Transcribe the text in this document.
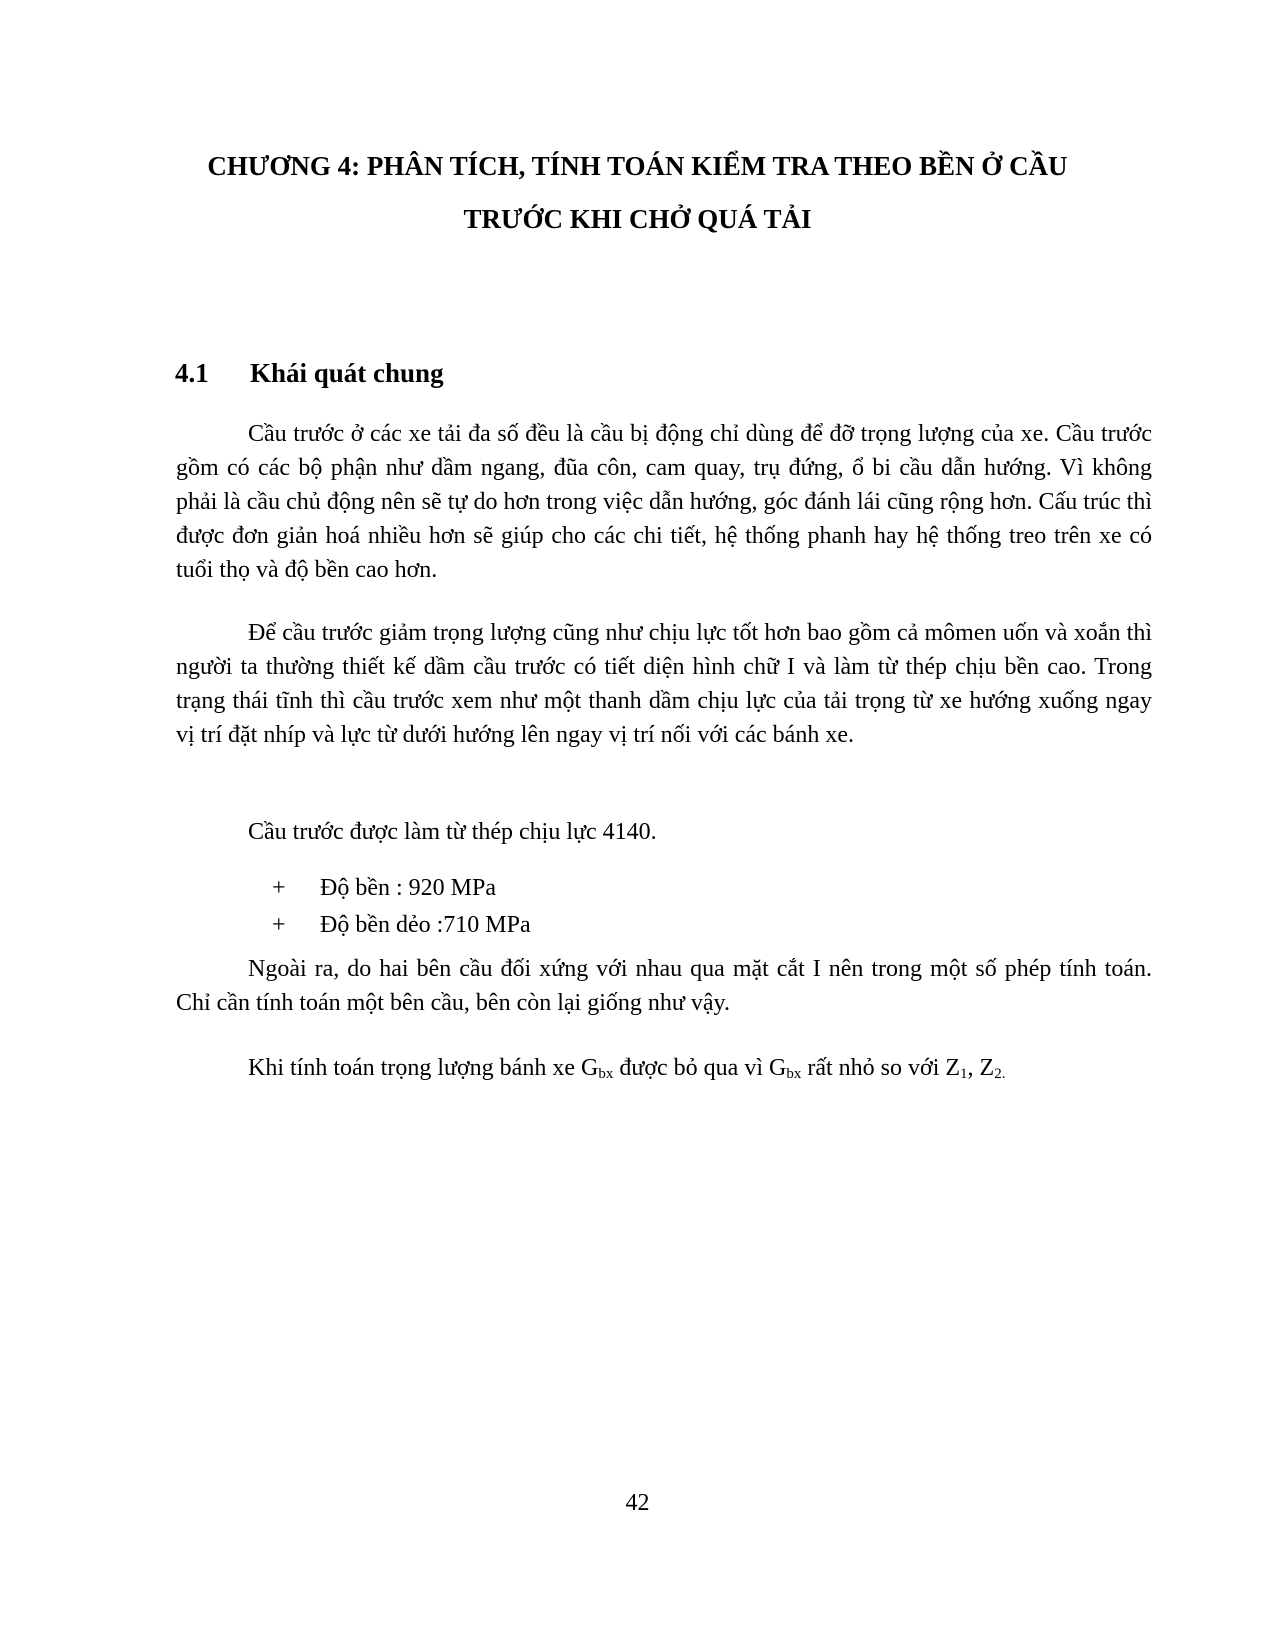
CHƯƠNG 4: PHÂN TÍCH, TÍNH TOÁN KIỂM TRA THEO BỀN Ở CẦU
TRƯỚC KHI CHỞ QUÁ TẢI
4.1 Khái quát chung

Cầu trước ở các xe tải đa số đều là cầu bị động chỉ dùng để đỡ trọng lượng của xe. Cầu trước gồm có các bộ phận như dầm ngang, đũa côn, cam quay, trụ đứng, ổ bi cầu dẫn hướng. Vì không phải là cầu chủ động nên sẽ tự do hơn trong việc dẫn hướng, góc đánh lái cũng rộng hơn. Cấu trúc thì được đơn giản hoá nhiều hơn sẽ giúp cho các chi tiết, hệ thống phanh hay hệ thống treo trên xe có tuổi thọ và độ bền cao hơn.

Để cầu trước giảm trọng lượng cũng như chịu lực tốt hơn bao gồm cả mômen uốn và xoắn thì người ta thường thiết kế dầm cầu trước có tiết diện hình chữ I và làm từ thép chịu bền cao. Trong trạng thái tĩnh thì cầu trước xem như một thanh dầm chịu lực của tải trọng từ xe hướng xuống ngay vị trí đặt nhíp và lực từ dưới hướng lên ngay vị trí nối với các bánh xe.

Cầu trước được làm từ thép chịu lực 4140.

+	Độ bền : 920 MPa
+	Độ bền dẻo :710 MPa

Ngoài ra, do hai bên cầu đối xứng với nhau qua mặt cắt I nên trong một số phép tính toán. Chỉ cần tính toán một bên cầu, bên còn lại giống như vậy.

Khi tính toán trọng lượng bánh xe $G_{bx}$ được bỏ qua vì $G_{bx}$ rất nhỏ so với $Z_1$, $Z_{2.}$

42
